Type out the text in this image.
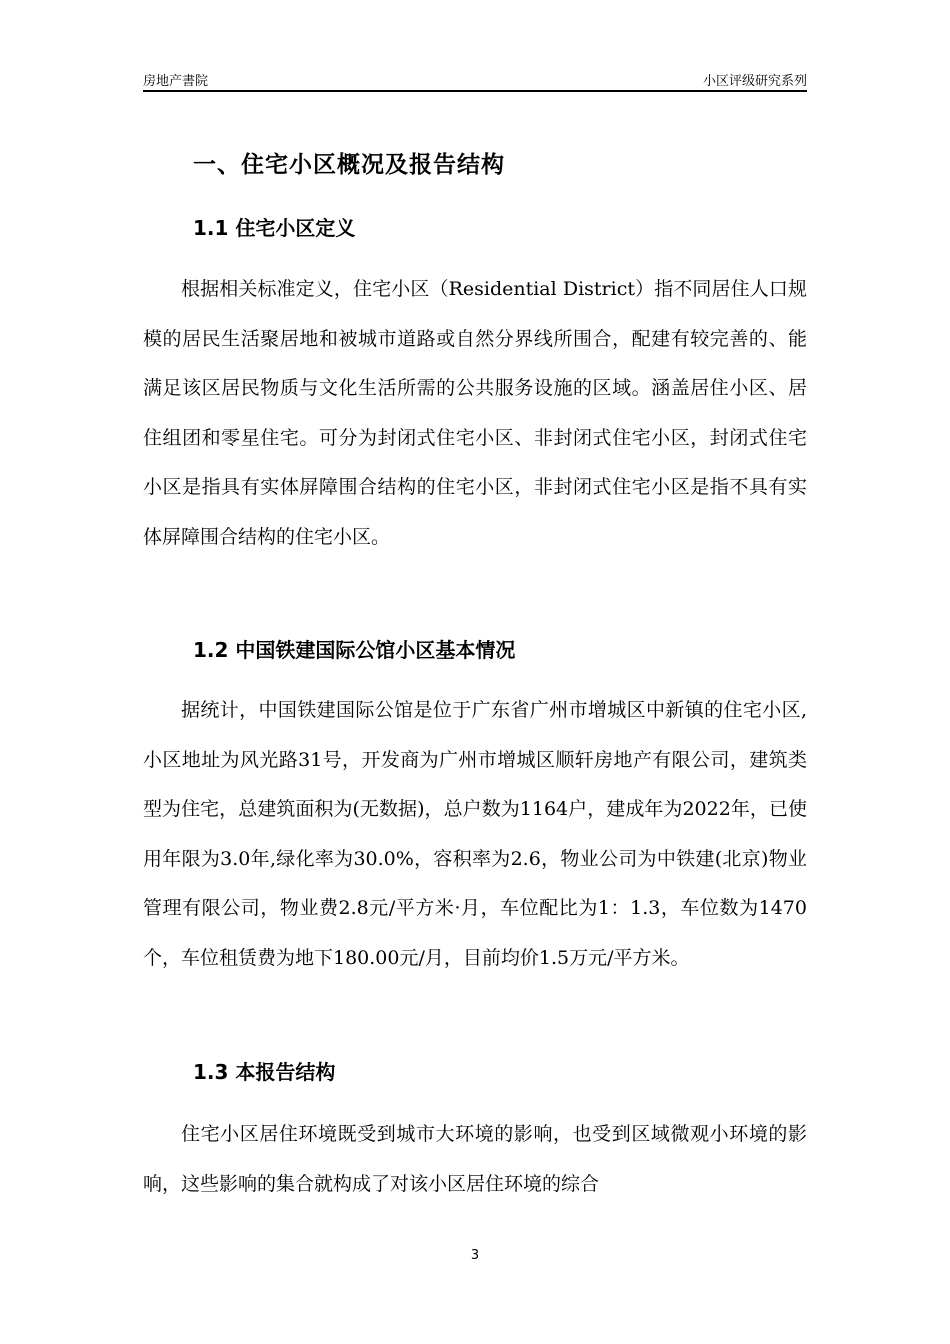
房地产書院	小区评级研究系列
一、住宅小区概况及报告结构
1.1 住宅小区定义
根据相关标准定义，住宅小区（Residential District）指不同居住人口规模的居民生活聚居地和被城市道路或自然分界线所围合，配建有较完善的、能满足该区居民物质与文化生活所需的公共服务设施的区域。涵盖居住小区、居住组团和零星住宅。可分为封闭式住宅小区、非封闭式住宅小区，封闭式住宅小区是指具有实体屏障围合结构的住宅小区，非封闭式住宅小区是指不具有实体屏障围合结构的住宅小区。
1.2 中国铁建国际公馆小区基本情况
据统计，中国铁建国际公馆是位于广东省广州市增城区中新镇的住宅小区,小区地址为风光路31号，开发商为广州市增城区顺轩房地产有限公司，建筑类型为住宅，总建筑面积为(无数据)，总户数为1164户，建成年为2022年，已使用年限为3.0年,绿化率为30.0%，容积率为2.6，物业公司为中铁建(北京)物业管理有限公司，物业费2.8元/平方米·月，车位配比为1：1.3，车位数为1470个，车位租赁费为地下180.00元/月，目前均价1.5万元/平方米。
1.3 本报告结构
住宅小区居住环境既受到城市大环境的影响，也受到区域微观小环境的影响，这些影响的集合就构成了对该小区居住环境的综合
3
